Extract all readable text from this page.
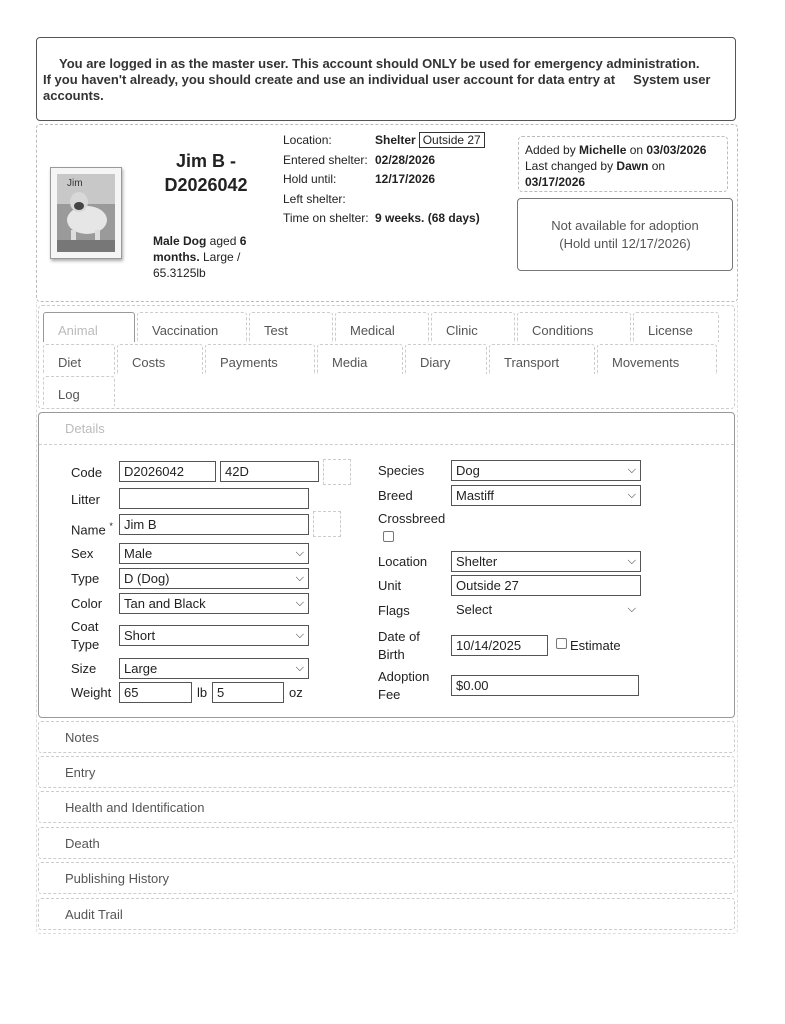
You are logged in as the master user. This account should ONLY be used for emergency administration.
If you haven't already, you should create and use an individual user account for data entry at System user accounts.
Jim
Jim B -
D2026042
Male Dog aged 6 months. Large / 65.3125lb
Location:	Shelter Outside 27
Entered shelter: 02/28/2026
Hold until:	12/17/2026
Left shelter:
Time on shelter: 9 weeks. (68 days)
Added by Michelle on 03/03/2026
Last changed by Dawn on
03/17/2026
Not available for adoption
(Hold until 12/17/2026)
Animal	Vaccination	Test	Medical	Clinic	Conditions	License
Diet	Costs	Payments	Media	Diary	Transport	Movements
Log
Details
Code	D2026042	42D
Litter
Name * Jim B
Sex	Male	⌵
Type	D (Dog)	⌵
Color	Tan and Black	⌵
Coat
Type
Short	⌵
Size	Large	⌵
Weight 65	lb 5	oz
Species	Dog	⌵
Breed	Mastiff	⌵
Crossbreed
Location	Shelter	⌵
Unit	Outside 27
Flags	Select	⌵
Date of
Birth
10/14/2025	Estimate
Adoption
Fee
$0.00
Notes
Entry
Health and Identification
Death
Publishing History
Audit Trail
